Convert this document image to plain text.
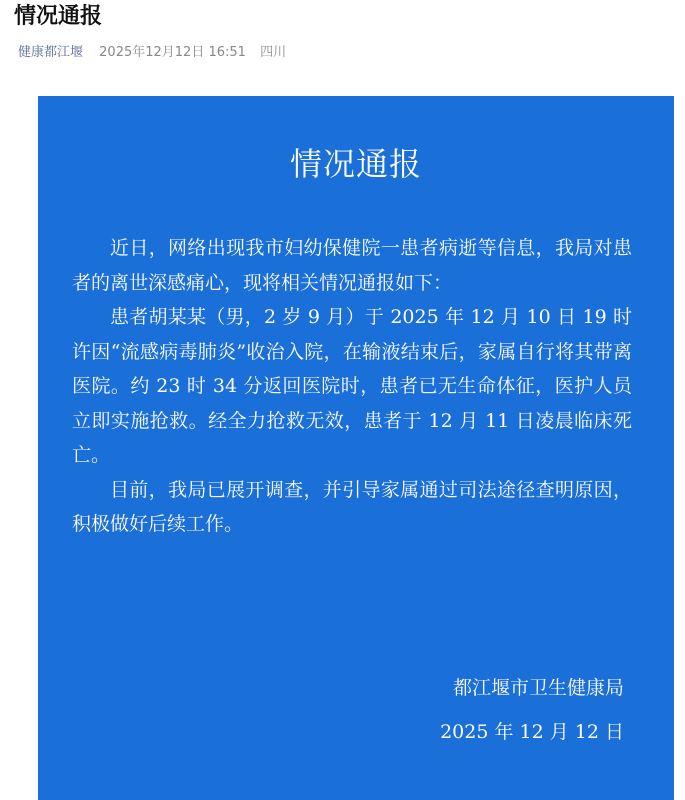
情况通报
健康都江堰 2025年12月12日 16:51 四川
情况通报

近日，网络出现我市妇幼保健院一患者病逝等信息，我局对患者的离世深感痛心，现将相关情况通报如下：

患者胡某某（男，2 岁 9 月）于 2025 年 12 月 10 日 19 时许因“流感病毒肺炎”收治入院，在输液结束后，家属自行将其带离医院。约 23 时 34 分返回医院时，患者已无生命体征，医护人员立即实施抢救。经全力抢救无效，患者于 12 月 11 日凌晨临床死亡。

目前，我局已展开调查，并引导家属通过司法途径查明原因，积极做好后续工作。

都江堰市卫生健康局
2025 年 12 月 12 日
